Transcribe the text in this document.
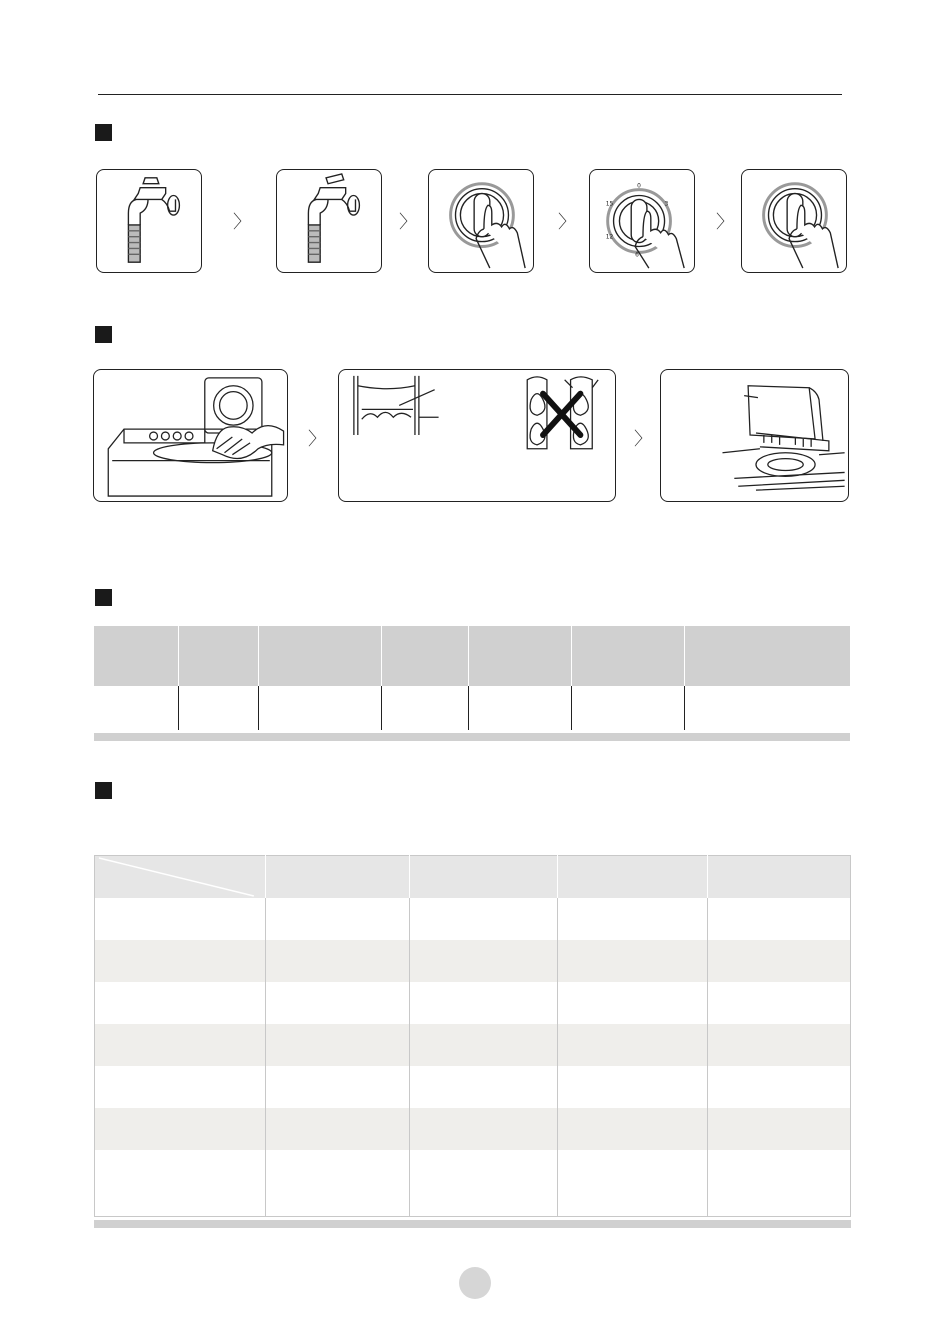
〉	〉	〉
0
3
6
12
15
〉
〉	〉
